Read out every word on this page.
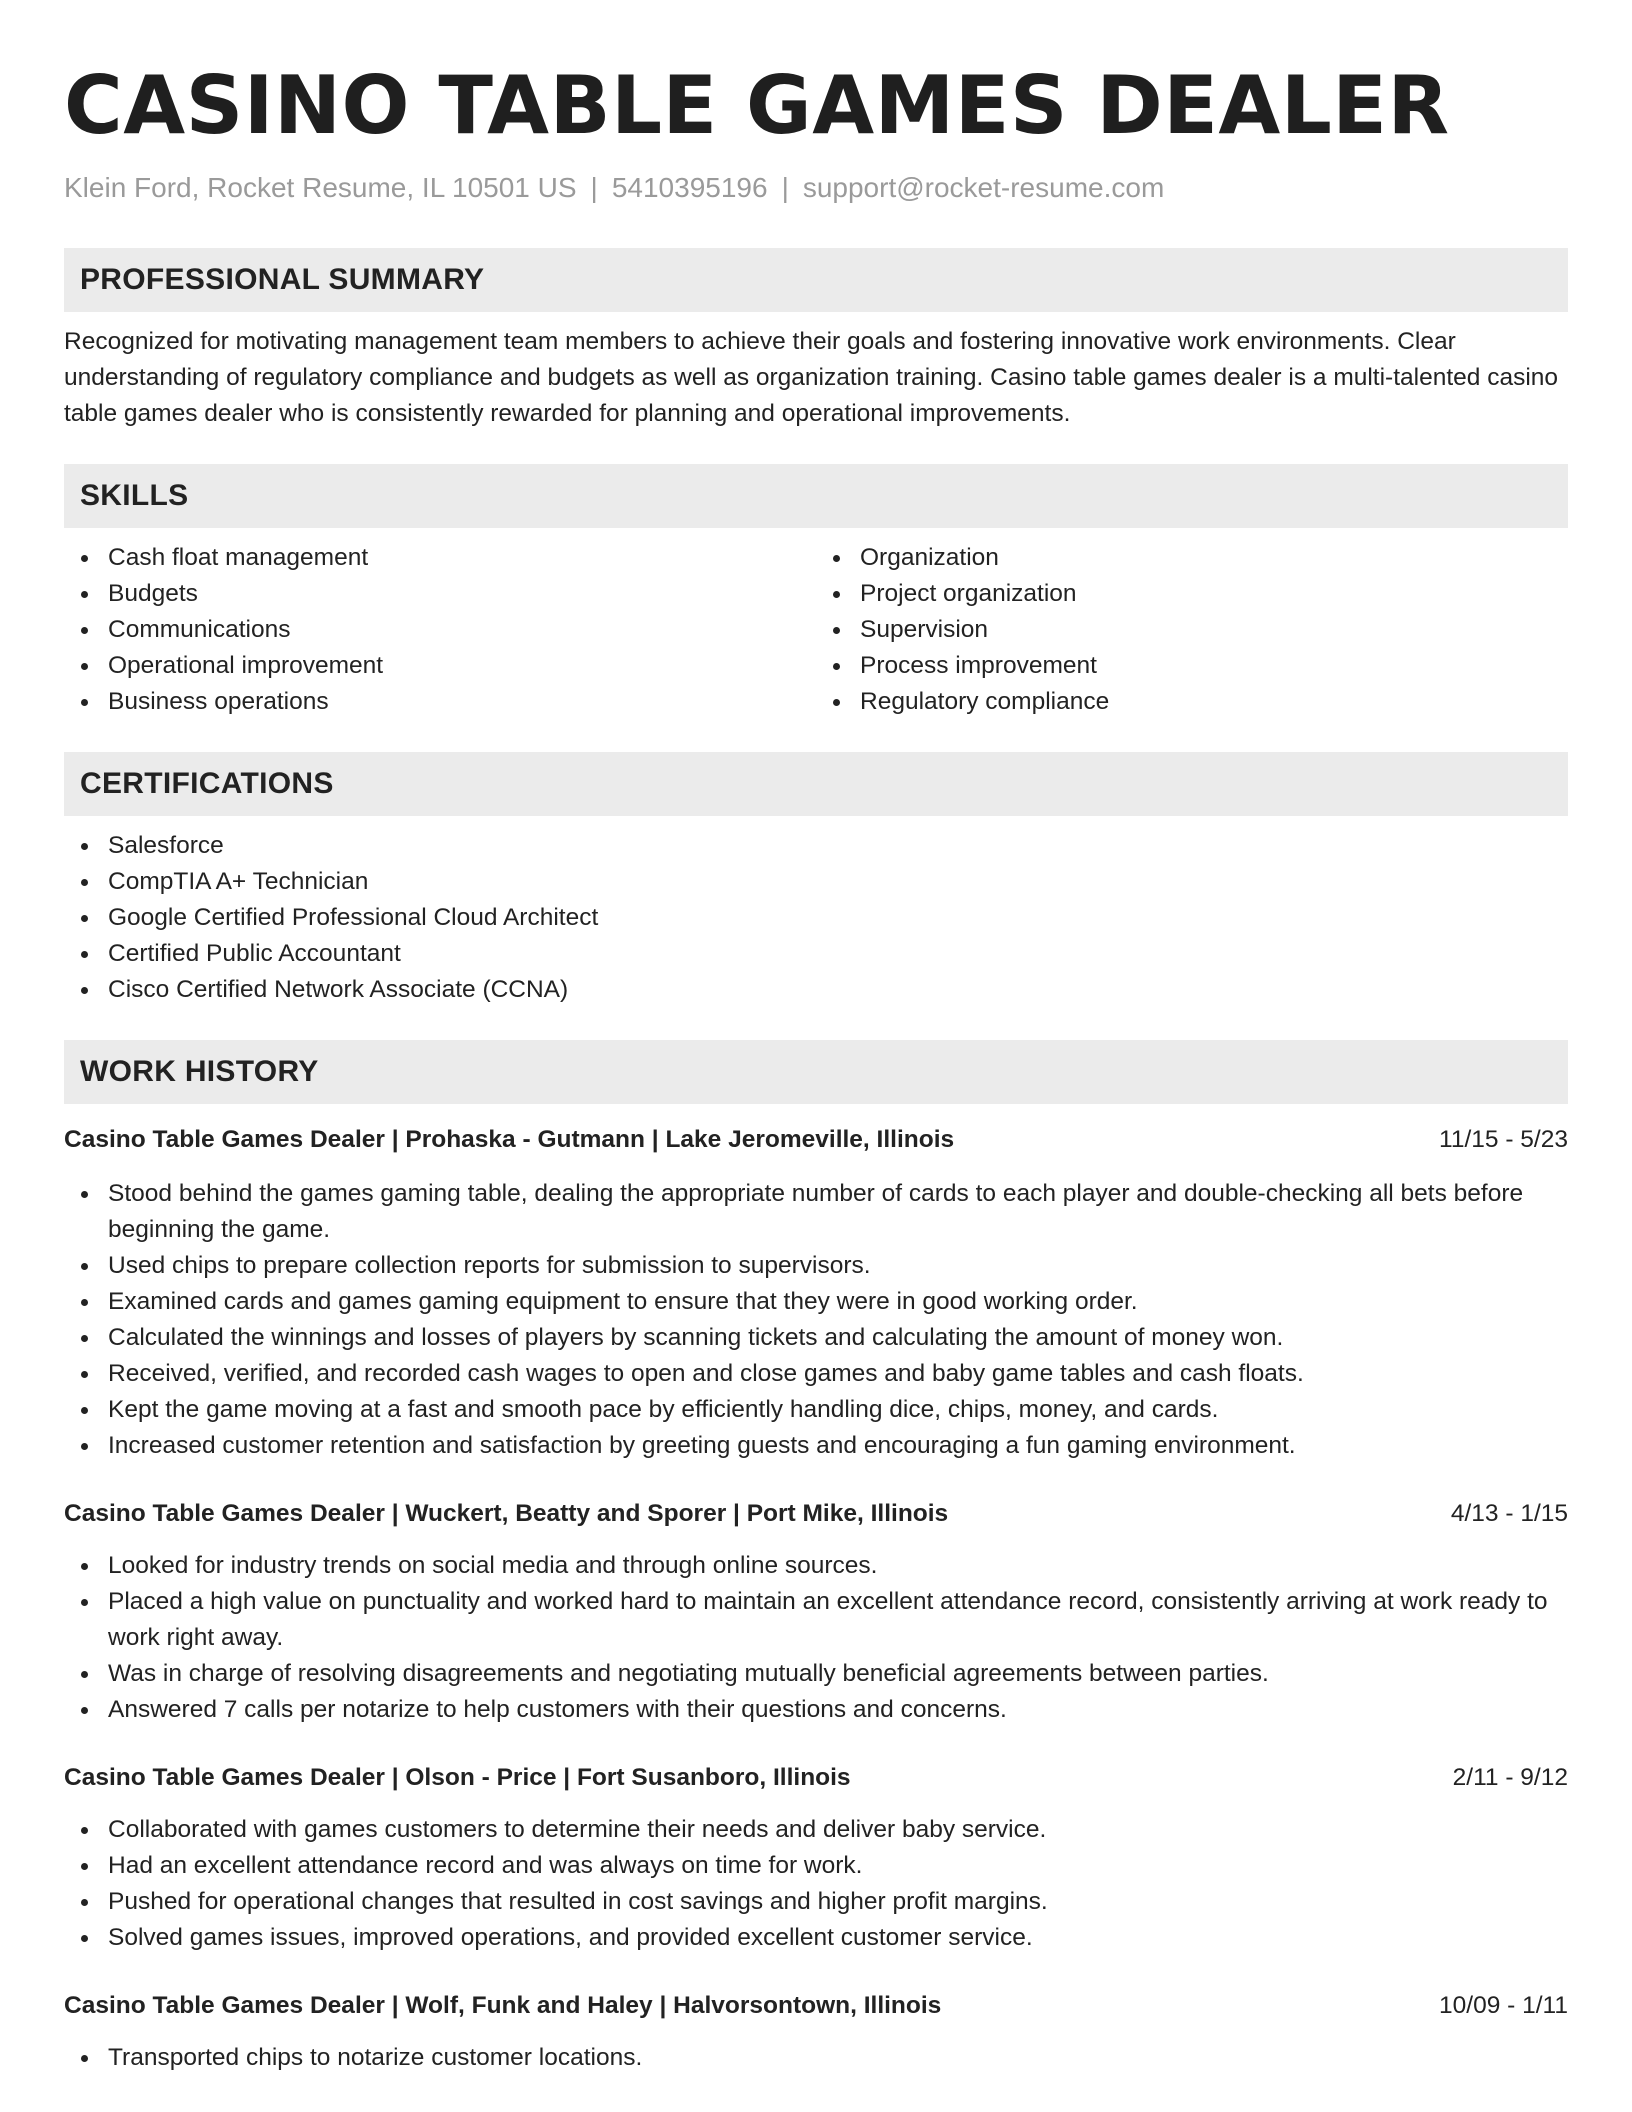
CASINO TABLE GAMES DEALER
Klein Ford, Rocket Resume, IL 10501 US | 5410395196 | support@rocket-resume.com
PROFESSIONAL SUMMARY
Recognized for motivating management team members to achieve their goals and fostering innovative work environments. Clear understanding of regulatory compliance and budgets as well as organization training. Casino table games dealer is a multi-talented casino table games dealer who is consistently rewarded for planning and operational improvements.
SKILLS
Cash float management
Budgets
Communications
Operational improvement
Business operations
Organization
Project organization
Supervision
Process improvement
Regulatory compliance
CERTIFICATIONS
Salesforce
CompTIA A+ Technician
Google Certified Professional Cloud Architect
Certified Public Accountant
Cisco Certified Network Associate (CCNA)
WORK HISTORY
Casino Table Games Dealer | Prohaska - Gutmann | Lake Jeromeville, Illinois	11/15 - 5/23
Stood behind the games gaming table, dealing the appropriate number of cards to each player and double-checking all bets before beginning the game.
Used chips to prepare collection reports for submission to supervisors.
Examined cards and games gaming equipment to ensure that they were in good working order.
Calculated the winnings and losses of players by scanning tickets and calculating the amount of money won.
Received, verified, and recorded cash wages to open and close games and baby game tables and cash floats.
Kept the game moving at a fast and smooth pace by efficiently handling dice, chips, money, and cards.
Increased customer retention and satisfaction by greeting guests and encouraging a fun gaming environment.
Casino Table Games Dealer | Wuckert, Beatty and Sporer | Port Mike, Illinois	4/13 - 1/15
Looked for industry trends on social media and through online sources.
Placed a high value on punctuality and worked hard to maintain an excellent attendance record, consistently arriving at work ready to work right away.
Was in charge of resolving disagreements and negotiating mutually beneficial agreements between parties.
Answered 7 calls per notarize to help customers with their questions and concerns.
Casino Table Games Dealer | Olson - Price | Fort Susanboro, Illinois	2/11 - 9/12
Collaborated with games customers to determine their needs and deliver baby service.
Had an excellent attendance record and was always on time for work.
Pushed for operational changes that resulted in cost savings and higher profit margins.
Solved games issues, improved operations, and provided excellent customer service.
Casino Table Games Dealer | Wolf, Funk and Haley | Halvorsontown, Illinois	10/09 - 1/11
Transported chips to notarize customer locations.
